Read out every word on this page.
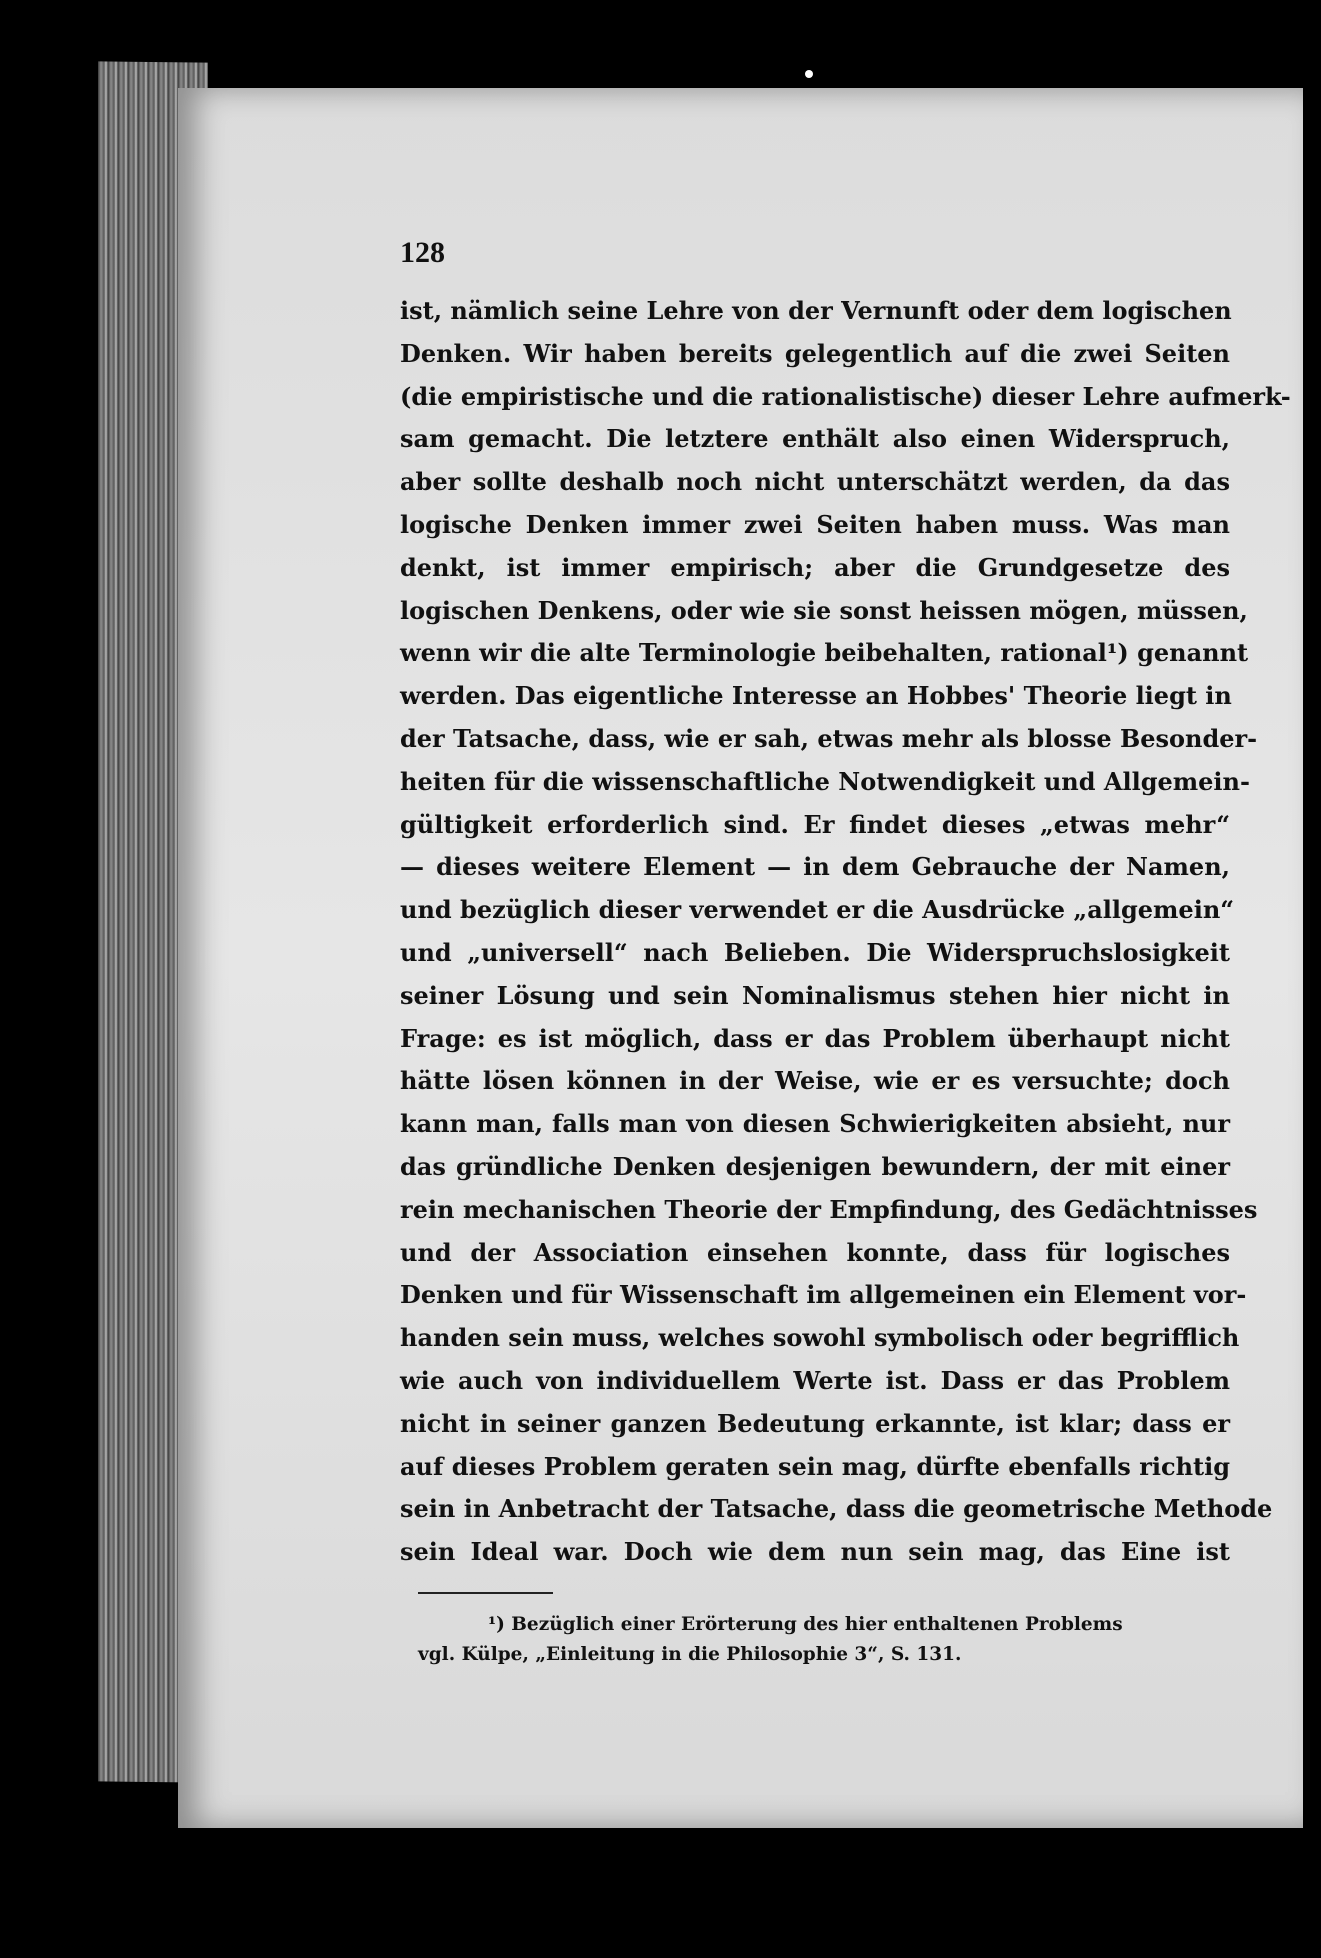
128
ist, nämlich seine Lehre von der Vernunft oder dem logischen
Denken. Wir haben bereits gelegentlich auf die zwei Seiten
(die empiristische und die rationalistische) dieser Lehre aufmerk-
sam gemacht. Die letztere enthält also einen Widerspruch,
aber sollte deshalb noch nicht unterschätzt werden, da das
logische Denken immer zwei Seiten haben muss. Was man
denkt, ist immer empirisch; aber die Grundgesetze des
logischen Denkens, oder wie sie sonst heissen mögen, müssen,
wenn wir die alte Terminologie beibehalten, rational¹) genannt
werden. Das eigentliche Interesse an Hobbes' Theorie liegt in
der Tatsache, dass, wie er sah, etwas mehr als blosse Besonder-
heiten für die wissenschaftliche Notwendigkeit und Allgemein-
gültigkeit erforderlich sind. Er findet dieses „etwas mehr“
— dieses weitere Element — in dem Gebrauche der Namen,
und bezüglich dieser verwendet er die Ausdrücke „allgemein“
und „universell“ nach Belieben. Die Widerspruchslosigkeit
seiner Lösung und sein Nominalismus stehen hier nicht in
Frage: es ist möglich, dass er das Problem überhaupt nicht
hätte lösen können in der Weise, wie er es versuchte; doch
kann man, falls man von diesen Schwierigkeiten absieht, nur
das gründliche Denken desjenigen bewundern, der mit einer
rein mechanischen Theorie der Empfindung, des Gedächtnisses
und der Association einsehen konnte, dass für logisches
Denken und für Wissenschaft im allgemeinen ein Element vor-
handen sein muss, welches sowohl symbolisch oder begrifflich
wie auch von individuellem Werte ist. Dass er das Problem
nicht in seiner ganzen Bedeutung erkannte, ist klar; dass er
auf dieses Problem geraten sein mag, dürfte ebenfalls richtig
sein in Anbetracht der Tatsache, dass die geometrische Methode
sein Ideal war. Doch wie dem nun sein mag, das Eine ist
¹) Bezüglich einer Erörterung des hier enthaltenen Problems
vgl. Külpe, „Einleitung in die Philosophie 3“, S. 131.
